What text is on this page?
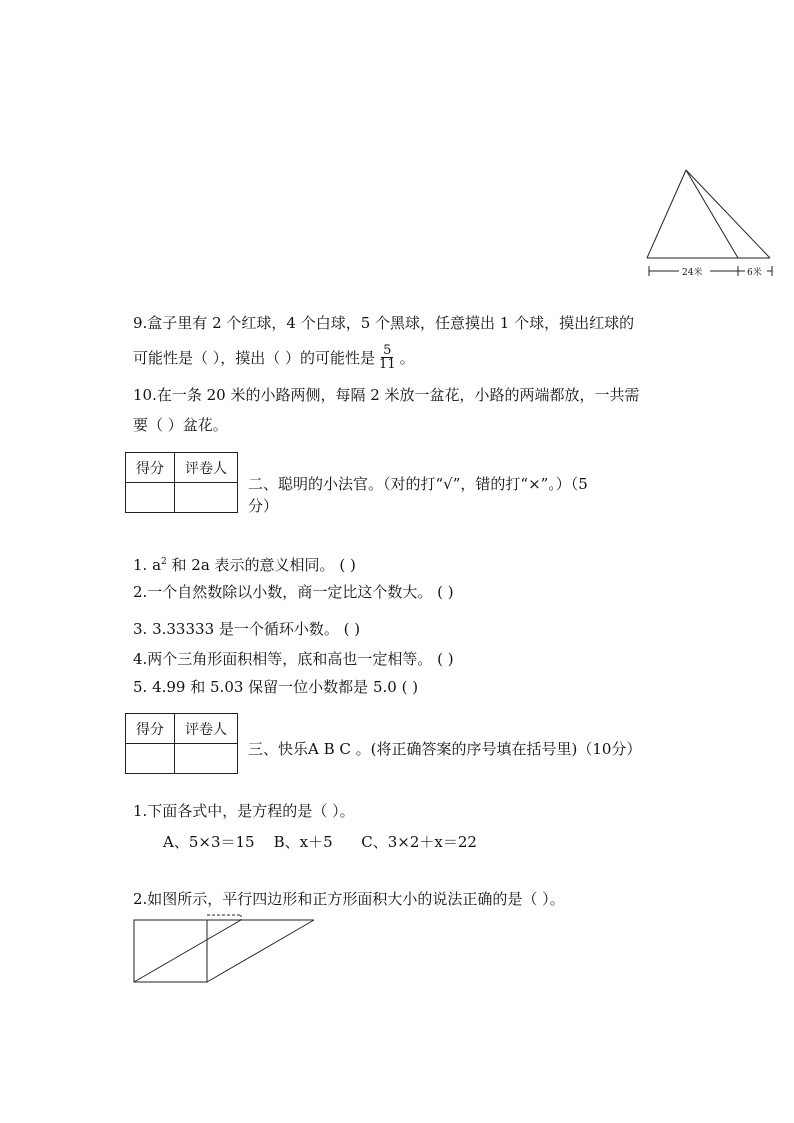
24米	6米
9.盒子里有 2 个红球，4 个白球，5 个黑球，任意摸出 1 个球，摸出红球的
可能性是（ ），摸出（ ）的可能性是 $\frac{5}{11}$ 。
10.在一条 20 米的小路两侧，每隔 2 米放一盆花，小路的两端都放，一共需
要（ ）盆花。
得分	评卷人

二、聪明的小法官。（对的打“√”，错的打“×”。）（5
分）
1. $a^2$ 和 2a 表示的意义相同。 ( )
2.一个自然数除以小数，商一定比这个数大。 ( )
3. 3.33333 是一个循环小数。 ( )
4.两个三角形面积相等，底和高也一定相等。 ( )
5. 4.99 和 5.03 保留一位小数都是 5.0 ( )
得分	评卷人

三、快乐A B C 。(将正确答案的序号填在括号里)（10分）
1.下面各式中，是方程的是（ ）。
A、5×3＝15    B、x＋5      C、3×2＋x＝22
2.如图所示，平行四边形和正方形面积大小的说法正确的是（ ）。
